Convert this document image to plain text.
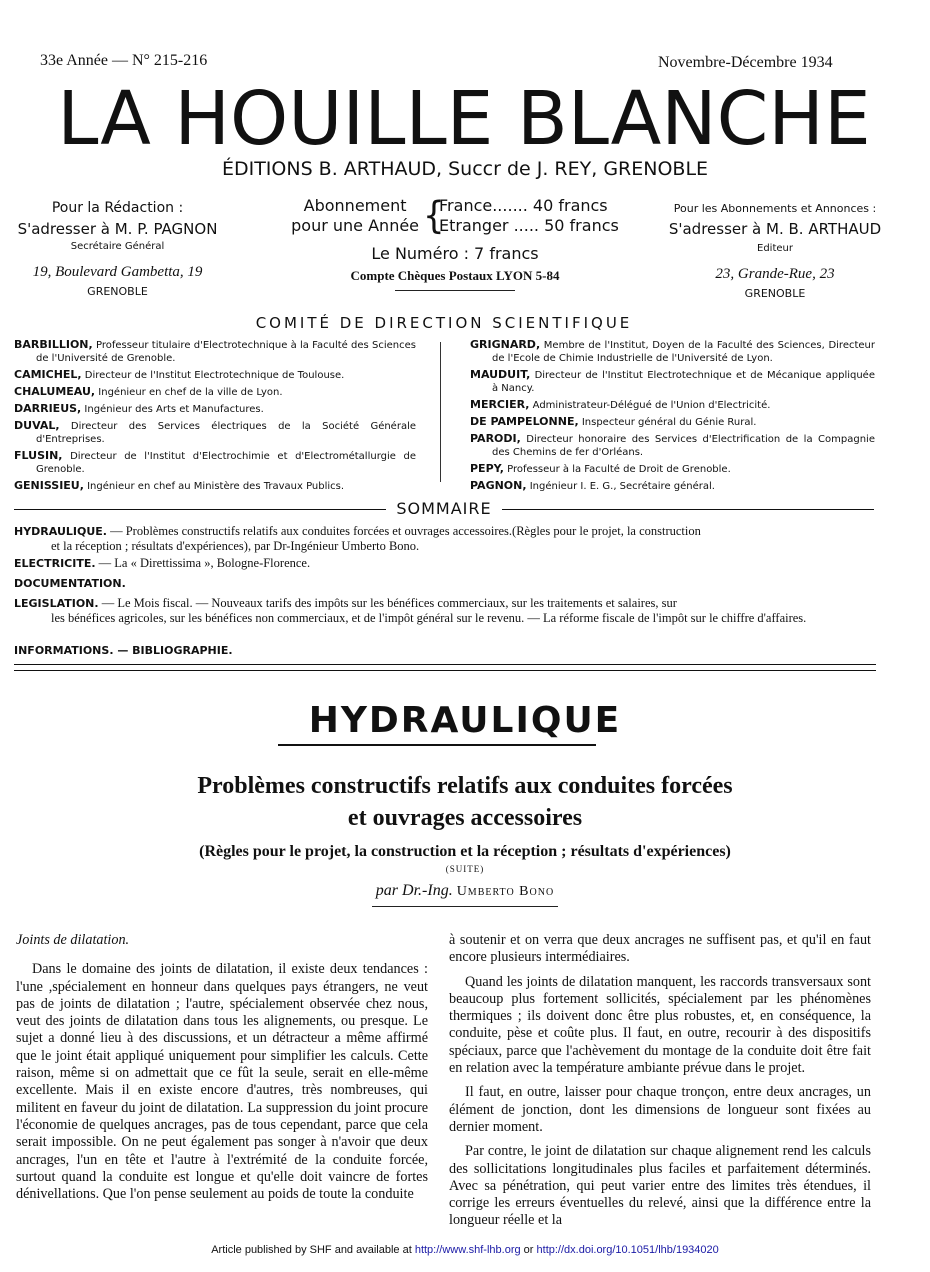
33e Année — N° 215-216	Novembre-Décembre 1934
LA HOUILLE BLANCHE
ÉDITIONS B. ARTHAUD, Succr de J. REY, GRENOBLE
Pour la Rédaction :
S'adresser à M. P. PAGNON
Secrétaire Général
19, Boulevard Gambetta, 19
GRENOBLE
Abonnement
pour une Année {
France....... 40 francs
Etranger ..... 50 francs
Le Numéro : 7 francs
Compte Chèques Postaux LYON 5-84
Pour les Abonnements et Annonces :
S'adresser à M. B. ARTHAUD
Editeur
23, Grande-Rue, 23
GRENOBLE
COMITÉ DE DIRECTION SCIENTIFIQUE
BARBILLION, Professeur titulaire d'Electrotechnique à la Faculté des Sciences de l'Université de Grenoble.
CAMICHEL, Directeur de l'Institut Electrotechnique de Toulouse.
CHALUMEAU, Ingénieur en chef de la ville de Lyon.
DARRIEUS, Ingénieur des Arts et Manufactures.
DUVAL, Directeur des Services électriques de la Société Générale d'Entreprises.
FLUSIN, Directeur de l'Institut d'Electrochimie et d'Electrométallurgie de Grenoble.
GENISSIEU, Ingénieur en chef au Ministère des Travaux Publics.
GRIGNARD, Membre de l'Institut, Doyen de la Faculté des Sciences, Directeur de l'Ecole de Chimie Industrielle de l'Université de Lyon.
MAUDUIT, Directeur de l'Institut Electrotechnique et de Mécanique appliquée à Nancy.
MERCIER, Administrateur-Délégué de l'Union d'Electricité.
DE PAMPELONNE, Inspecteur général du Génie Rural.
PARODI, Directeur honoraire des Services d'Electrification de la Compagnie des Chemins de fer d'Orléans.
PEPY, Professeur à la Faculté de Droit de Grenoble.
PAGNON, Ingénieur I. E. G., Secrétaire général.
SOMMAIRE
HYDRAULIQUE. — Problèmes constructifs relatifs aux conduites forcées et ouvrages accessoires.(Règles pour le projet, la construction
et la réception ; résultats d'expériences), par Dr-Ingénieur Umberto Bono.
ELECTRICITE. — La « Direttissima », Bologne-Florence.
DOCUMENTATION.
LEGISLATION. — Le Mois fiscal. — Nouveaux tarifs des impôts sur les bénéfices commerciaux, sur les traitements et salaires, sur
les bénéfices agricoles, sur les bénéfices non commerciaux, et de l'impôt général sur le revenu. — La réforme fiscale de l'impôt sur le chiffre d'affaires.
INFORMATIONS. — BIBLIOGRAPHIE.
HYDRAULIQUE
Problèmes constructifs relatifs aux conduites forcées
et ouvrages accessoires
(Règles pour le projet, la construction et la réception ; résultats d'expériences)
(SUITE)
par Dr.-Ing. Umberto Bono
Joints de dilatation.

Dans le domaine des joints de dilatation, il existe deux tendances : l'une ,spécialement en honneur dans quelques pays étrangers, ne veut pas de joints de dilatation ; l'autre, spécialement observée chez nous, veut des joints de dilatation dans tous les alignements, ou presque. Le sujet a donné lieu à des discussions, et un détracteur a même affirmé que le joint était appliqué uniquement pour simplifier les calculs. Cette raison, même si on admettait que ce fût la seule, serait en elle-même excellente. Mais il en existe encore d'autres, très nombreuses, qui militent en faveur du joint de dilatation. La suppression du joint procure l'économie de quelques ancrages, pas de tous cependant, parce que cela serait impossible. On ne peut également pas songer à n'avoir que deux ancrages, l'un en tête et l'autre à l'extrémité de la conduite forcée, surtout quand la conduite est longue et qu'elle doit vaincre de fortes dénivellations. Que l'on pense seulement au poids de toute la conduite

à soutenir et on verra que deux ancrages ne suffisent pas, et qu'il en faut encore plusieurs intermédiaires.

Quand les joints de dilatation manquent, les raccords transversaux sont beaucoup plus fortement sollicités, spécialement par les phénomènes thermiques ; ils doivent donc être plus robustes, et, en conséquence, la conduite, pèse et coûte plus. Il faut, en outre, recourir à des dispositifs spéciaux, parce que l'achèvement du montage de la conduite doit être fait en relation avec la température ambiante prévue dans le projet.

Il faut, en outre, laisser pour chaque tronçon, entre deux ancrages, un élément de jonction, dont les dimensions de longueur sont fixées au dernier moment.

Par contre, le joint de dilatation sur chaque alignement rend les calculs des sollicitations longitudinales plus faciles et parfaitement déterminés. Avec sa pénétration, qui peut varier entre des limites très étendues, il corrige les erreurs éventuelles du relevé, ainsi que la différence entre la longueur réelle et la

Article published by SHF and available at http://www.shf-lhb.org or http://dx.doi.org/10.1051/lhb/1934020
